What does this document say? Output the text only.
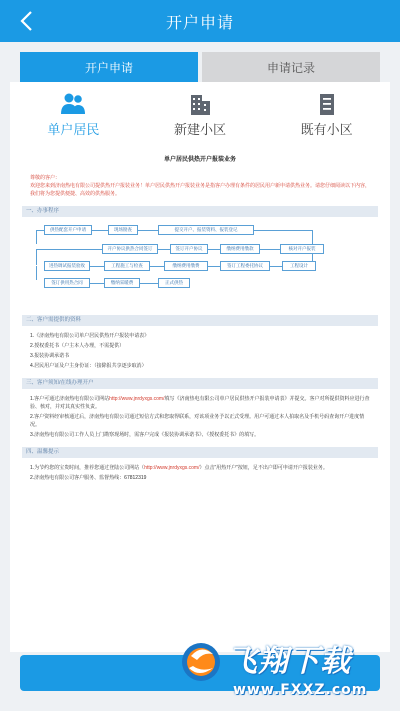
开户申请
开户申请	申请记录
单户居民	新建小区	既有小区
单户居民供热开户报装业务
尊敬的客户：
欢迎您来到济南热电有限公司提供热开户报装业务！单户居民供热开户报装业务是指客户办理有条件的居民用户新申请供热业务。请您仔细阅读以下内容，我们将为您提供便捷、高效的供热服务。
一、办事程序
供热配套开户申请	现场勘查	提交开户、报装资料、报装登记
开户协议供热合同签订	签订开户协议	缴纳费用缴款	核对开户报装
进热调试报装验收	工程施工与检查	缴纳费用缴费	签订工程委托协议	工程设计
签订供用热合同	缴纳采暖费	正式供热
二、客户需提供的资料

1.《济南热电有限公司单户居民供热开户报装申请表》

2.授权委托书（户主本人办理，不需提供）

3.报装协调承诺书

4.居民用户证及户主身份证：（接除报共享逐步取消）

三、客户须知/在线办理开户

1.客户可通过济南热电有限公司网站http://www.jnrdyxgs.com/填写《济南热电有限公司单户居民供热开户报装申请表》并提交。客户对所提供资料应进行查验、核对，并对其真实性负责。

2.客户资料经审核通过后，济南热电有限公司通过短信方式和您取得联系，对该项业务予以正式受理。用户可通过本人拍取名及手机号码查询开户进度情况。

3.济南热电有限公司工作人员上门勘察现场时，需客户完成《报装协调承诺书》、《授权委托书》的填写。

四、温馨提示

1.为节约您的宝贵时间，推荐您通过登陆公司网站（http://www.jnrdyxgs.com/）点击“用热开户”按钮，足不出户即可申请开户报装业务。

2.济南热电有限公司客户服务、监督热线：67812319

飞翔下载
www.FXXZ.com
